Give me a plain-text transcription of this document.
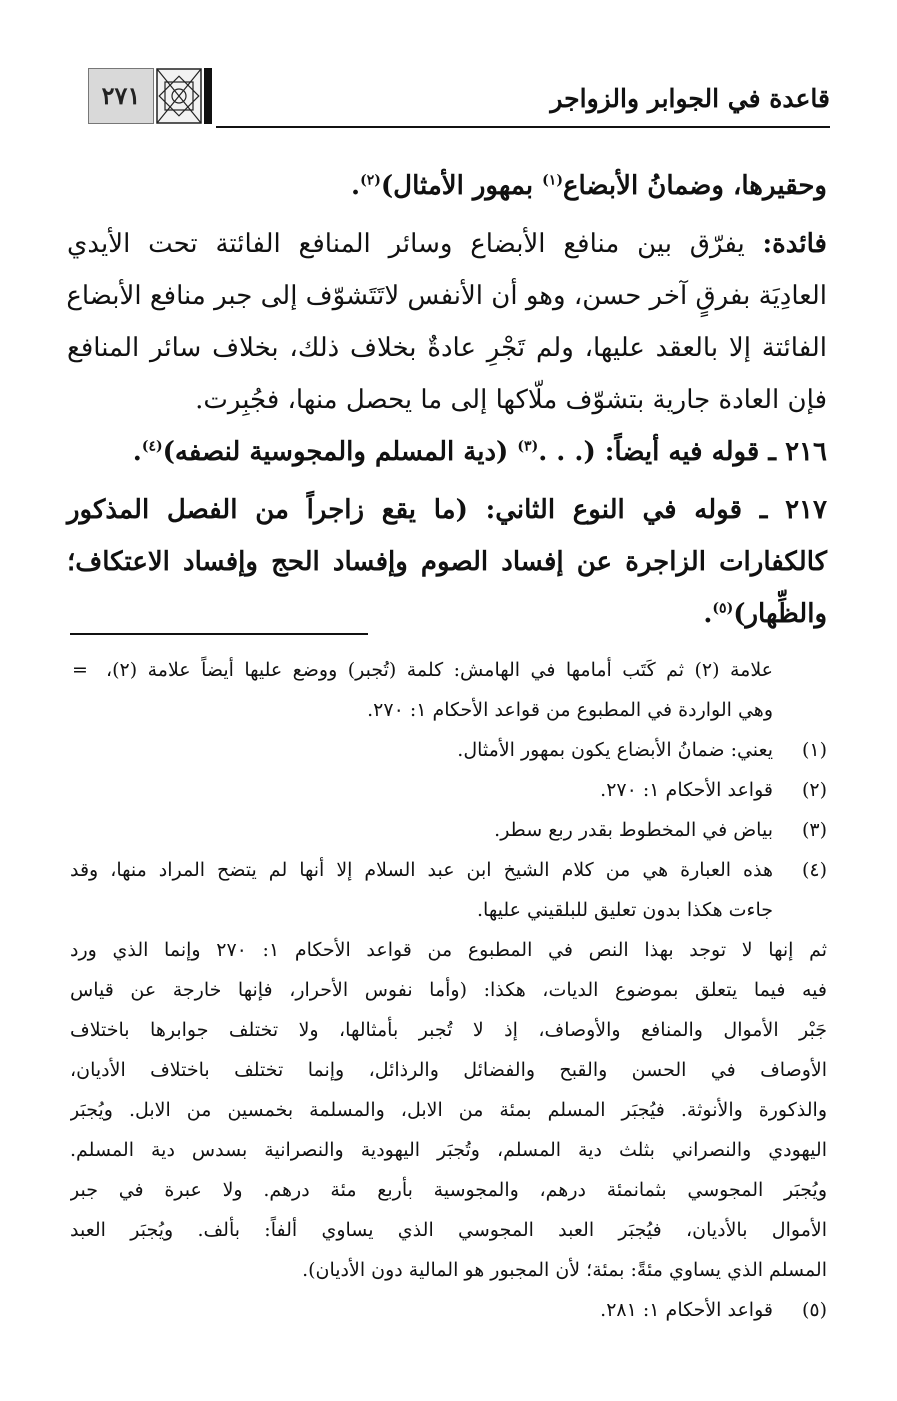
قاعدة في الجوابر والزواجر
٢٧١
وحقيرها، وضمانُ الأبضاع$^{(١)}$ بمهور الأمثال)$^{(٢)}$.
فائدة: يفرّق بين منافع الأبضاع وسائر المنافع الفائتة تحت الأيدي
العادِيَة بفرقٍ آخر حسن، وهو أن الأنفس لاتَتَشوّف إلى جبر منافع الأبضاع
الفائتة إلا بالعقد عليها، ولم تَجْرِ عادةٌ بخلاف ذلك، بخلاف سائر المنافع
فإن العادة جارية بتشوّف ملّاكها إلى ما يحصل منها، فجُبِرت.
٢١٦ ـ قوله فيه أيضاً: (. . .$^{(٣)}$ (دية المسلم والمجوسية لنصفه)$^{(٤)}$.
٢١٧ ـ قوله في النوع الثاني: (ما يقع زاجراً من الفصل المذكور
كالكفارات الزاجرة عن إفساد الصوم وإفساد الحج وإفساد الاعتكاف؛
والظِّهار)$^{(٥)}$.
علامة (٢) ثم كَتَب أمامها في الهامش: كلمة (تُجبر) ووضع عليها أيضاً علامة (٢)،
=
وهي الواردة في المطبوع من قواعد الأحكام ١: ٢٧٠.
(١)
يعني: ضمانُ الأبضاع يكون بمهور الأمثال.
(٢)
قواعد الأحكام ١: ٢٧٠.
(٣)
بياض في المخطوط بقدر ربع سطر.
(٤)
هذه العبارة هي من كلام الشيخ ابن عبد السلام إلا أنها لم يتضح المراد منها، وقد
جاءت هكذا بدون تعليق للبلقيني عليها.
ثم إنها لا توجد بهذا النص في المطبوع من قواعد الأحكام ١: ٢٧٠ وإنما الذي ورد
فيه فيما يتعلق بموضوع الديات، هكذا: (وأما نفوس الأحرار، فإنها خارجة عن قياس
جَبْر الأموال والمنافع والأوصاف، إذ لا تُجبر بأمثالها، ولا تختلف جوابرها باختلاف
الأوصاف في الحسن والقبح والفضائل والرذائل، وإنما تختلف باختلاف الأديان،
والذكورة والأنوثة. فيُجبَر المسلم بمئة من الابل، والمسلمة بخمسين من الابل. ويُجبَر
اليهودي والنصراني بثلث دية المسلم، وتُجبَر اليهودية والنصرانية بسدس دية المسلم.
ويُجبَر المجوسي بثمانمئة درهم، والمجوسية بأربع مئة درهم. ولا عبرة في جبر
الأموال بالأديان، فيُجبَر العبد المجوسي الذي يساوي ألفاً: بألف. ويُجبَر العبد
المسلم الذي يساوي مئةً: بمئة؛ لأن المجبور هو المالية دون الأديان).
(٥)
قواعد الأحكام ١: ٢٨١.
